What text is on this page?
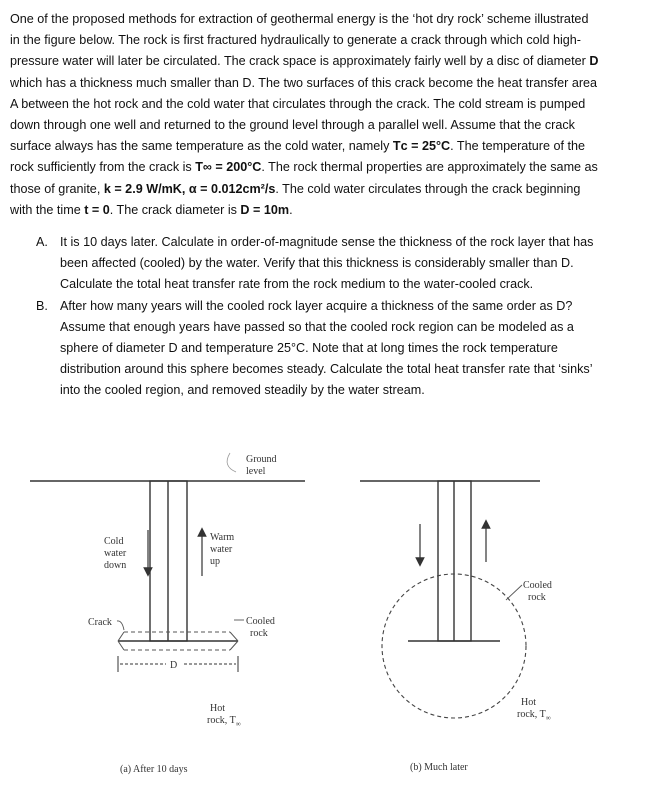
One of the proposed methods for extraction of geothermal energy is the ‘hot dry rock’ scheme illustrated
in the figure below. The rock is first fractured hydraulically to generate a crack through which cold high-
pressure water will later be circulated. The crack space is approximately fairly well by a disc of diameter D
which has a thickness much smaller than D. The two surfaces of this crack become the heat transfer area
A between the hot rock and the cold water that circulates through the crack. The cold stream is pumped
down through one well and returned to the ground level through a parallel well. Assume that the crack
surface always has the same temperature as the cold water, namely Tᴄ = 25°C. The temperature of the
rock sufficiently from the crack is T∞ = 200°C. The rock thermal properties are approximately the same as
those of granite, k = 2.9 W/mK, α = 0.012cm²/s. The cold water circulates through the crack beginning
with the time t = 0. The crack diameter is D = 10m.
A. It is 10 days later. Calculate in order-of-magnitude sense the thickness of the rock layer that has
been affected (cooled) by the water. Verify that this thickness is considerably smaller than D.
Calculate the total heat transfer rate from the rock medium to the water-cooled crack.
B. After how many years will the cooled rock layer acquire a thickness of the same order as D?
Assume that enough years have passed so that the cooled rock region can be modeled as a
sphere of diameter D and temperature 25°C. Note that at long times the rock temperature
distribution around this sphere becomes steady. Calculate the total heat transfer rate that ‘sinks’
into the cooled region, and removed steadily by the water stream.
Ground
level
Cold
water
down
Warm
water
up
Crack	Cooled
rock
D
Hot
rock, $T_\infty$
(a) After 10 days
Cooled
rock
Hot
rock, $T_\infty$
(b) Much later
